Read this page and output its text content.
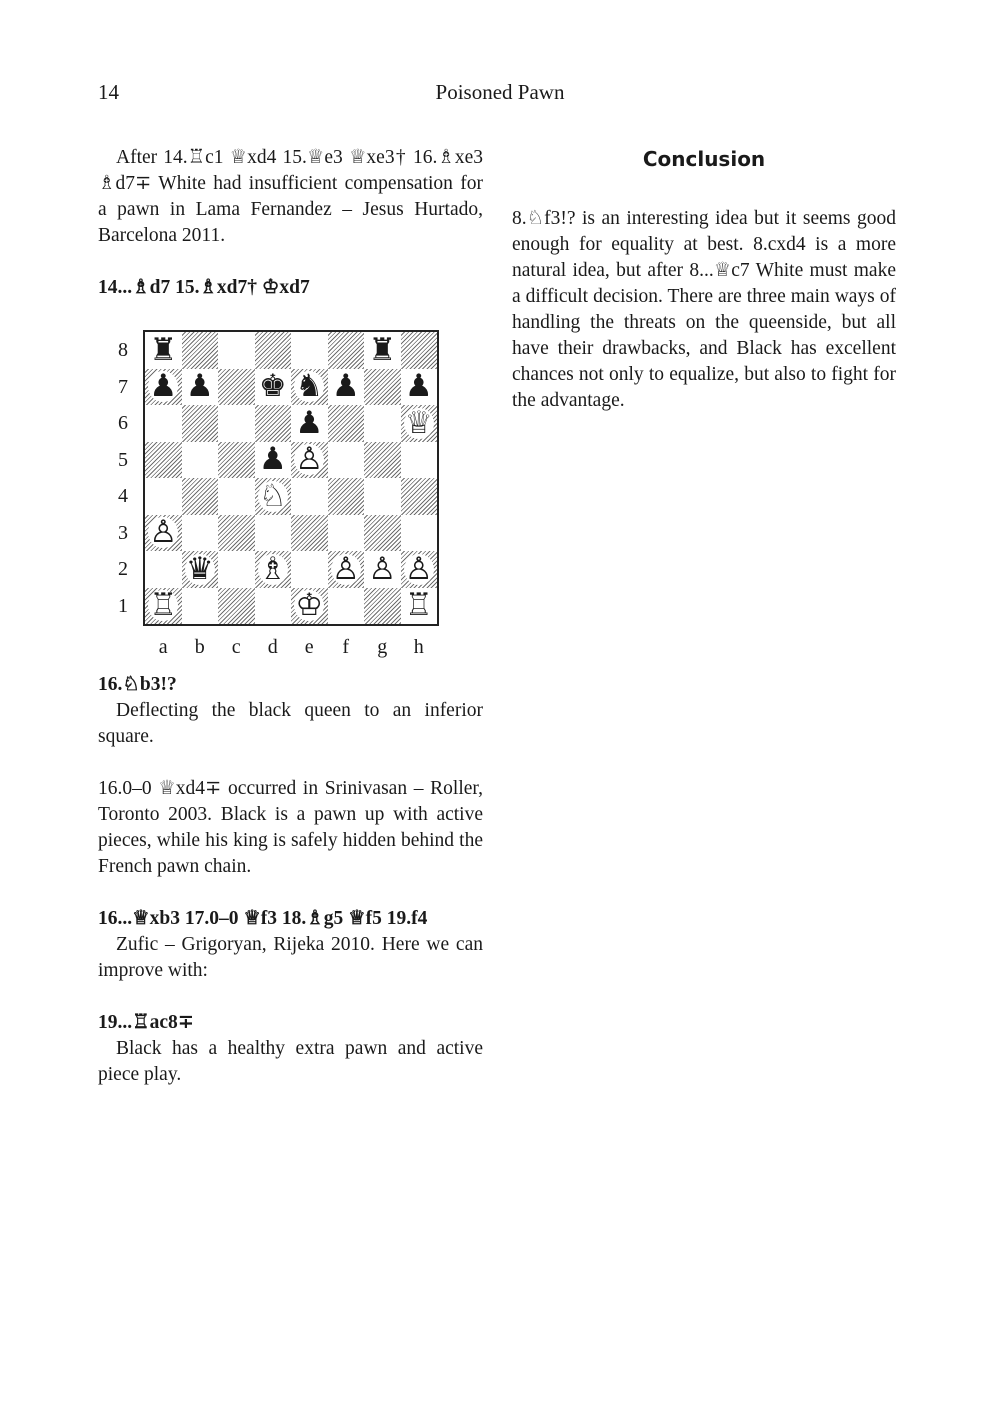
14	Poisoned Pawn

After 14.♖c1 ♕xd4 15.♕e3 ♕xe3† 16.♗xe3 ♗d7∓ White had insufficient compensation for a pawn in Lama Fernandez – Jesus Hurtado, Barcelona 2011.

14...♗d7 15.♗xd7† ♔xd7

♜	♜
♟ ♟ ♚ ♞ ♟ ♟
♟	♕
♟ ♙
♘
♙
♛ ♗ ♙ ♙ ♙
♖	♔	♖
8
7
6
5
4
3
2
1
a	b	c	d	e	f	g	h

16.♘b3!?

Deflecting the black queen to an inferior square.

16.0–0 ♕xd4∓ occurred in Srinivasan – Roller, Toronto 2003. Black is a pawn up with active pieces, while his king is safely hidden behind the French pawn chain.

16...♕xb3 17.0–0 ♕f3 18.♗g5 ♕f5 19.f4

Zufic – Grigoryan, Rijeka 2010. Here we can improve with:

19...♖ac8∓

Black has a healthy extra pawn and active piece play.

Conclusion

8.♘f3!? is an interesting idea but it seems good enough for equality at best. 8.cxd4 is a more natural idea, but after 8...♕c7 White must make a difficult decision. There are three main ways of handling the threats on the queenside, but all have their drawbacks, and Black has excellent chances not only to equalize, but also to fight for the advantage.
